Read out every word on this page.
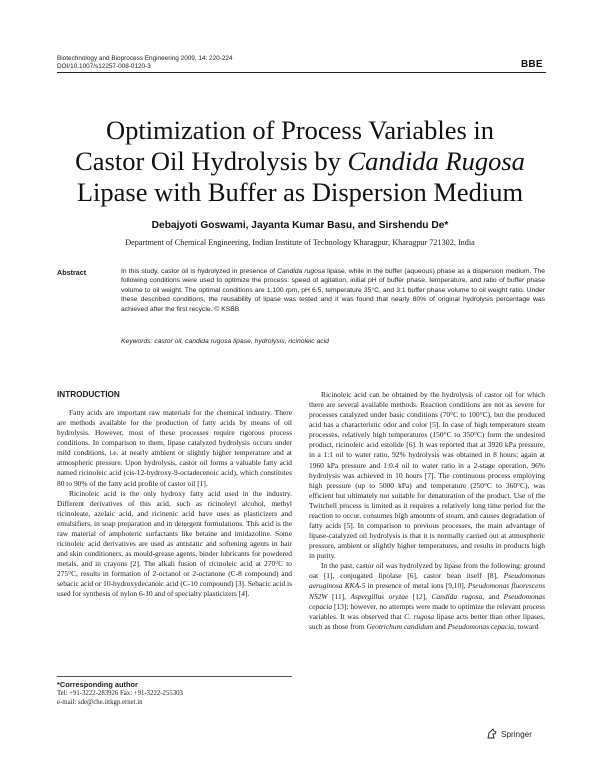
Biotechnology and Bioprocess Engineering 2009, 14: 220-224
DOI/10.1007/s12257-008-0120-3	BBE
Optimization of Process Variables in
Castor Oil Hydrolysis by Candida Rugosa
Lipase with Buffer as Dispersion Medium
Debajyoti Goswami, Jayanta Kumar Basu, and Sirshendu De*
Department of Chemical Engineering, Indian Institute of Technology Kharagpur, Kharagpur 721302, India
Abstract	In this study, castor oil is hydrolyzed in presence of Candida rugosa lipase, while in the buffer (aqueous) phase as a dispersion medium. The following conditions were used to optimize the process: speed of agitation, initial pH of buffer phase, temperature, and ratio of buffer phase volume to oil weight. The optimal conditions are 1,100 rpm, pH 6.5, temperature 35°C, and 3:1 buffer phase volume to oil weight ratio. Under these described conditions, the reusability of lipase was tested and it was found that nearly 80% of original hydrolysis percentage was achieved after the first recycle. © KSBB
Keywords: castor oil, candida rugosa lipase, hydrolysis, ricinoleic acid
INTRODUCTION

Fatty acids are important raw materials for the chemical industry. There are methods available for the production of fatty acids by means of oil hydrolysis. However, most of these processes require rigorous process conditions. In comparison to them, lipase catalyzed hydrolysis occurs under mild conditions, i.e. at nearly ambient or slightly higher temperature and at atmospheric pressure. Upon hydrolysis, castor oil forms a valuable fatty acid named ricinoleic acid (cis-12-hydroxy-9-octadecenoic acid), which constitutes 80 to 90% of the fatty acid profile of castor oil [1].

Ricinoleic acid is the only hydroxy fatty acid used in the industry. Different derivatives of this acid, such as ricinoleyl alcohol, methyl ricinoleate, azelaic acid, and ricinenic acid have uses as plasticizers and emulsifiers, in soap preparation and in detergent formulations. This acid is the raw material of amphoteric surfactants like betaine and imidazoline. Some ricinoleic acid derivatives are used as antistatic and softening agents in hair and skin conditioners, as mould-grease agents, binder lubricants for powdered metals, and in crayons [2]. The alkali fusion of ricinoleic acid at 270°C to 275°C, results in formation of 2-octanol or 2-octanone (C-8 compound) and sebacic acid or 10-hydroxydecanoic acid (C-10 compound) [3]. Sebacic acid is used for synthesis of nylon 6-10 and of specialty plasticizers [4].

Ricinoleic acid can be obtained by the hydrolysis of castor oil for which there are several available methods. Reaction conditions are not as severe for processes catalyzed under basic conditions (70°C to 100°C), but the produced acid has a characteristic odor and color [5]. In case of high temperature steam processes, relatively high temperatures (150°C to 350°C) form the undesired product, ricinoleic acid estolide [6]. It was reported that at 3920 kPa pressure, in a 1:1 oil to water ratio, 92% hydrolysis was obtained in 8 hours; again at 1960 kPa pressure and 1:0.4 oil to water ratio in a 2-stage operation, 96% hydrolysis was achieved in 10 hours [7]. The continuous process employing high pressure (up to 5000 kPa) and temperature (250°C to 360°C), was efficient but ultimately not suitable for denaturation of the product. Use of the Twitchell process is limited as it requires a relatively long time period for the reaction to occur, consumes high amounts of steam, and causes degradation of fatty acids [5]. In comparison to previous processes, the main advantage of lipase-catalyzed oil hydrolysis is that it is normally carried out at atmospheric pressure, ambient or slightly higher temperatures, and results in products high in purity.

In the past, castor oil was hydrolyzed by lipase from the following: ground oat [1], conjugated lipolase [6], castor bean itself [8], Pseudomonas aeruginosa KKA-5 in presence of metal ions [9,10], Pseudomonas fluorescens NS2W [11], Aspergillus oryzae [12], Candida rugosa, and Pseudomonas cepacia [13]; however, no attempts were made to optimize the relevant process variables. It was observed that C. rugosa lipase acts better than other lipases, such as those from Geotrichum candidum and Pseudomonas cepacia, toward

*Corresponding author
Tel: +91-3222-283926 Fax: +91-3222-255303
e-mail: sde@che.iitkgp.ernet.in
Springer
